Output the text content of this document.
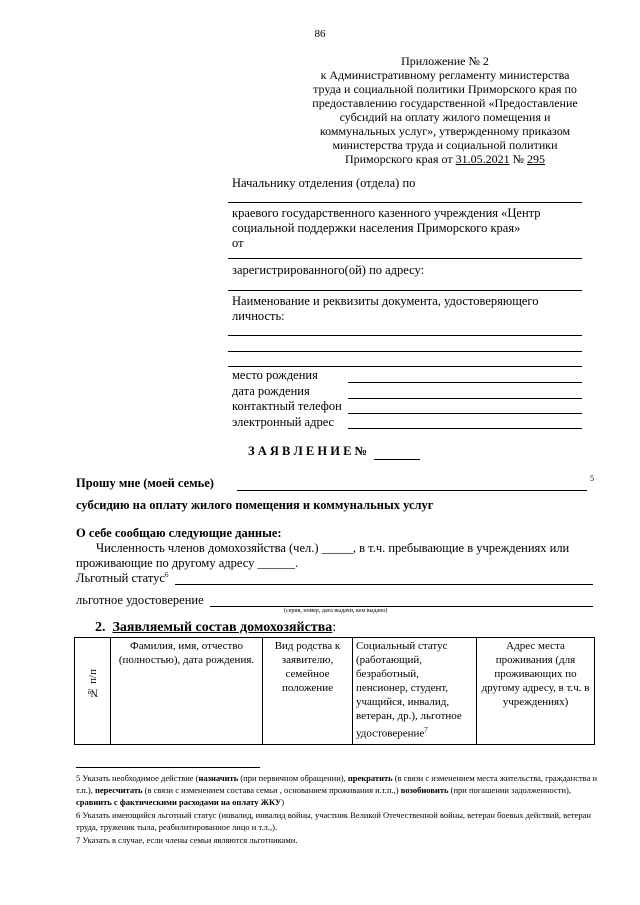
86
Приложение № 2
к Административному регламенту министерства
труда и социальной политики Приморского края по
предоставлению государственной «Предоставление
субсидий на оплату жилого помещения и
коммунальных услуг», утвержденному приказом
министерства труда и социальной политики
Приморского края от 31.05.2021 № 295
Начальнику отделения (отдела) по
краевого государственного казенного учреждения «Центр
социальной поддержки населения Приморского края»
от
зарегистрированного(ой) по адресу:
Наименование и реквизиты документа, удостоверяющего
личность:
место рождения
дата рождения
контактный телефон
электронный адрес
З А Я В Л Е Н И Е №
Прошу мне (моей семье)	5
субсидию на оплату жилого помещения и коммунальных услуг
О себе сообщаю следующие данные:
Численность членов домохозяйства (чел.) _____, в т.ч. пребывающие в учреждениях или
проживающие по другому адресу ______.
Льготный статус$^6$
льготное удостоверение
(серия, номер, дата выдачи, кем выдано)
2. Заявляемый состав домохозяйства:
№ п/п	Фамилия, имя, отчество (полностью), дата рождения.	Вид родства к заявителю, семейное положение	Социальный статус (работающий, безработный, пенсионер, студент, учащийся, инвалид, ветеран, др.), льготное удостоверение$^7$	Адрес места проживания (для проживающих по другому адресу, в т.ч. в учреждениях)
5 Указать необходимое действие (назначить (при первичном обращении), прекратить (в связи с изменением места жительства, гражданства и т.п.), пересчитать (в связи с изменением состава семьи , основанием проживания и.т.п.,) возобновить (при погашении задолженности), сравнить с фактическими расходами на оплату ЖКУ)
6 Указать имеющийся льготный статус (инвалид, инвалид войны, участник Великой Отечественной войны, ветеран боевых действий, ветеран труда, труженик тыла, реабилитированное лицо и т.л.,).
7 Указать в случае, если члены семьи являются льготниками.
